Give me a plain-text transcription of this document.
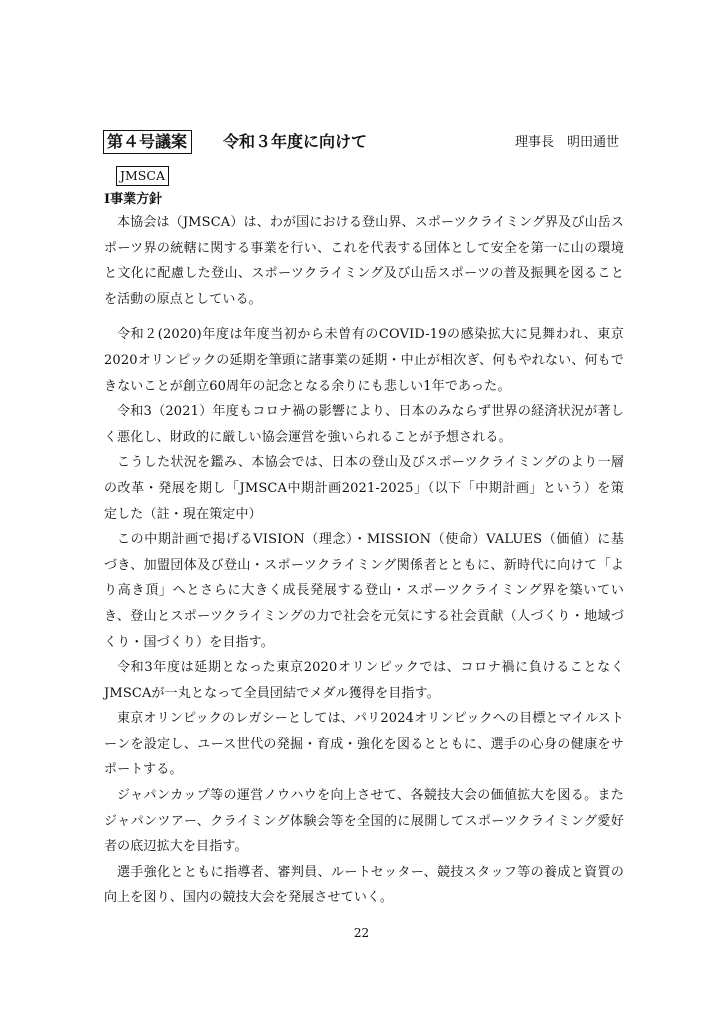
第４号議案	令和３年度に向けて	理事長　明田通世
JMSCA
Ⅰ事業方針

本協会は（JMSCA）は、わが国における登山界、スポーツクライミング界及び山岳スポーツ界の統轄に関する事業を行い、これを代表する団体として安全を第一に山の環境と文化に配慮した登山、スポーツクライミング及び山岳スポーツの普及振興を図ることを活動の原点としている。

令和２(2020)年度は年度当初から未曽有のCOVID-19の感染拡大に見舞われ、東京2020オリンピックの延期を筆頭に諸事業の延期・中止が相次ぎ、何もやれない、何もできないことが創立60周年の記念となる余りにも悲しい1年であった。

令和3（2021）年度もコロナ禍の影響により、日本のみならず世界の経済状況が著しく悪化し、財政的に厳しい協会運営を強いられることが予想される。

こうした状況を鑑み、本協会では、日本の登山及びスポーツクライミングのより一層の改革・発展を期し「JMSCA中期計画2021-2025」（以下「中期計画」という）を策定した（註・現在策定中）

この中期計画で掲げるVISION（理念）・MISSION（使命）VALUES（価値）に基づき、加盟団体及び登山・スポーツクライミング関係者とともに、新時代に向けて「より高き頂」へとさらに大きく成長発展する登山・スポーツクライミング界を築いていき、登山とスポーツクライミングの力で社会を元気にする社会貢献（人づくり・地域づくり・国づくり）を目指す。

令和3年度は延期となった東京2020オリンピックでは、コロナ禍に負けることなくJMSCAが一丸となって全員団結でメダル獲得を目指す。

東京オリンピックのレガシーとしては、パリ2024オリンピックへの目標とマイルストーンを設定し、ユース世代の発掘・育成・強化を図るとともに、選手の心身の健康をサポートする。

ジャパンカップ等の運営ノウハウを向上させて、各競技大会の価値拡大を図る。またジャパンツアー、クライミング体験会等を全国的に展開してスポーツクライミング愛好者の底辺拡大を目指す。

選手強化とともに指導者、審判員、ルートセッター、競技スタッフ等の養成と資質の向上を図り、国内の競技大会を発展させていく。

22
